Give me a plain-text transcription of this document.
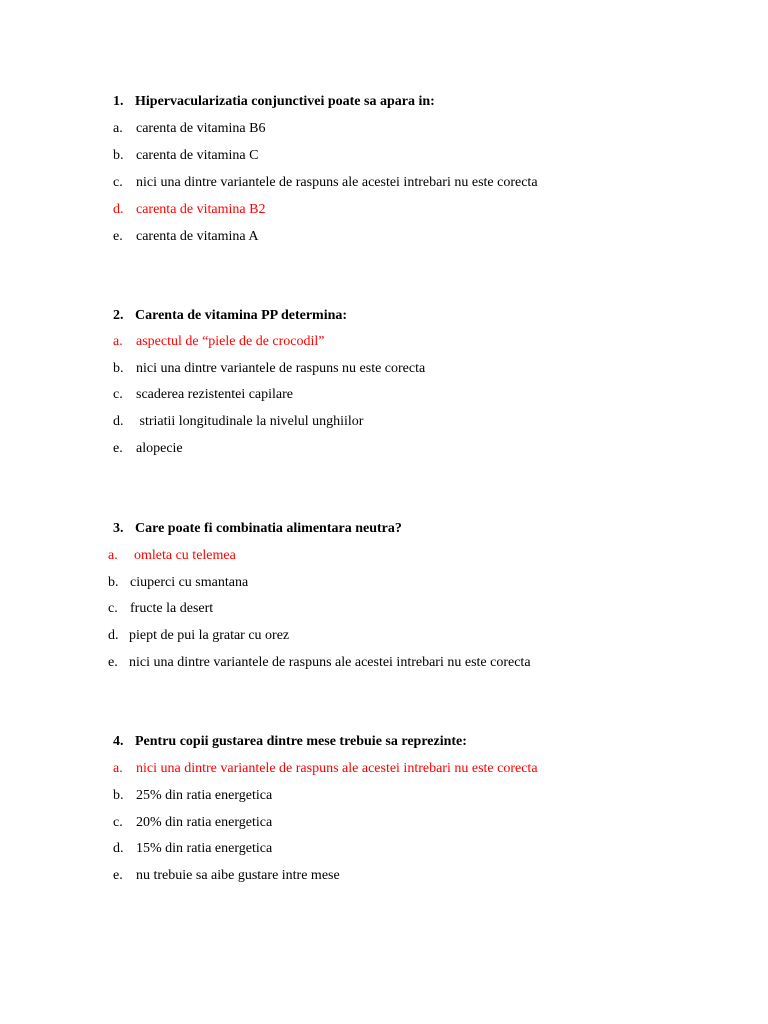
1. Hipervacularizatia conjunctivei poate sa apara in:
a. carenta de vitamina B6
b. carenta de vitamina C
c. nici una dintre variantele de raspuns ale acestei intrebari nu este corecta
d. carenta de vitamina B2
e. carenta de vitamina A
2. Carenta de vitamina PP determina:
a. aspectul de “piele de de crocodil”
b. nici una dintre variantele de raspuns nu este corecta
c. scaderea rezistentei capilare
d. striatii longitudinale la nivelul unghiilor
e. alopecie
3. Care poate fi combinatia alimentara neutra?
a. omleta cu telemea
b. ciuperci cu smantana
c. fructe la desert
d. piept de pui la gratar cu orez
e. nici una dintre variantele de raspuns ale acestei intrebari nu este corecta
4. Pentru copii gustarea dintre mese trebuie sa reprezinte:
a. nici una dintre variantele de raspuns ale acestei intrebari nu este corecta
b. 25% din ratia energetica
c. 20% din ratia energetica
d. 15% din ratia energetica
e. nu trebuie sa aibe gustare intre mese
